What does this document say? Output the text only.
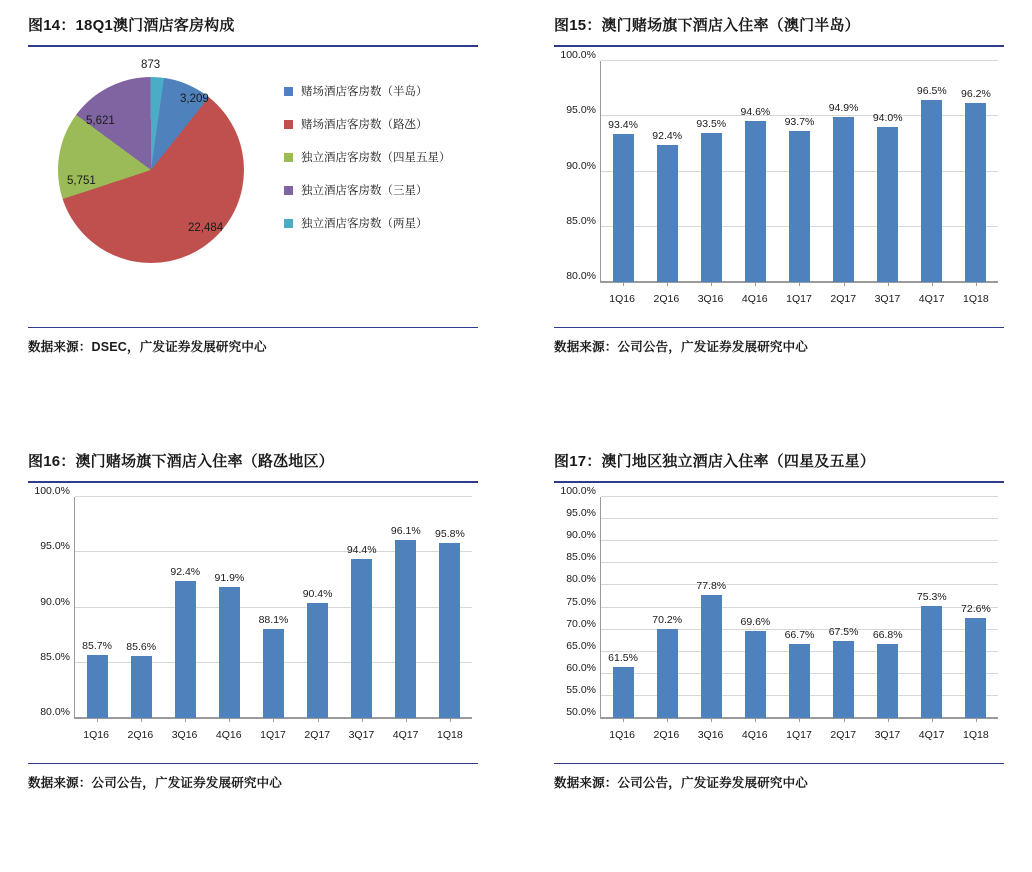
图14：18Q1澳门酒店客房构成
873
3,209
5,621
5,751
22,484
赌场酒店客房数（半岛）
赌场酒店客房数（路氹）
独立酒店客房数（四星五星）
独立酒店客房数（三星）
独立酒店客房数（两星）
数据来源：DSEC，广发证券发展研究中心
图15：澳门赌场旗下酒店入住率（澳门半岛）
80.0%
85.0%
90.0%
95.0%
100.0%
93.4%
92.4%
93.5%
94.6%
93.7%
94.9%
94.0%
96.5% 96.2%
1Q16	2Q16	3Q16	4Q16	1Q17	2Q17	3Q17	4Q17	1Q18
数据来源：公司公告，广发证券发展研究中心
图16：澳门赌场旗下酒店入住率（路氹地区）
80.0%
85.0%
90.0%
95.0%
100.0%
85.7% 85.6%
92.4% 91.9%
88.1%
90.4%
94.4%
96.1% 95.8%
1Q16	2Q16	3Q16	4Q16	1Q17	2Q17	3Q17	4Q17	1Q18
数据来源：公司公告，广发证券发展研究中心
图17：澳门地区独立酒店入住率（四星及五星）
50.0%
55.0%
60.0%
65.0%
70.0%
75.0%
80.0%
85.0%
90.0%
95.0%
100.0%
61.5%
70.2%
77.8%
69.6%
66.7% 67.5% 66.8%
75.3%
72.6%
1Q16	2Q16	3Q16	4Q16	1Q17	2Q17	3Q17	4Q17	1Q18
数据来源：公司公告，广发证券发展研究中心
